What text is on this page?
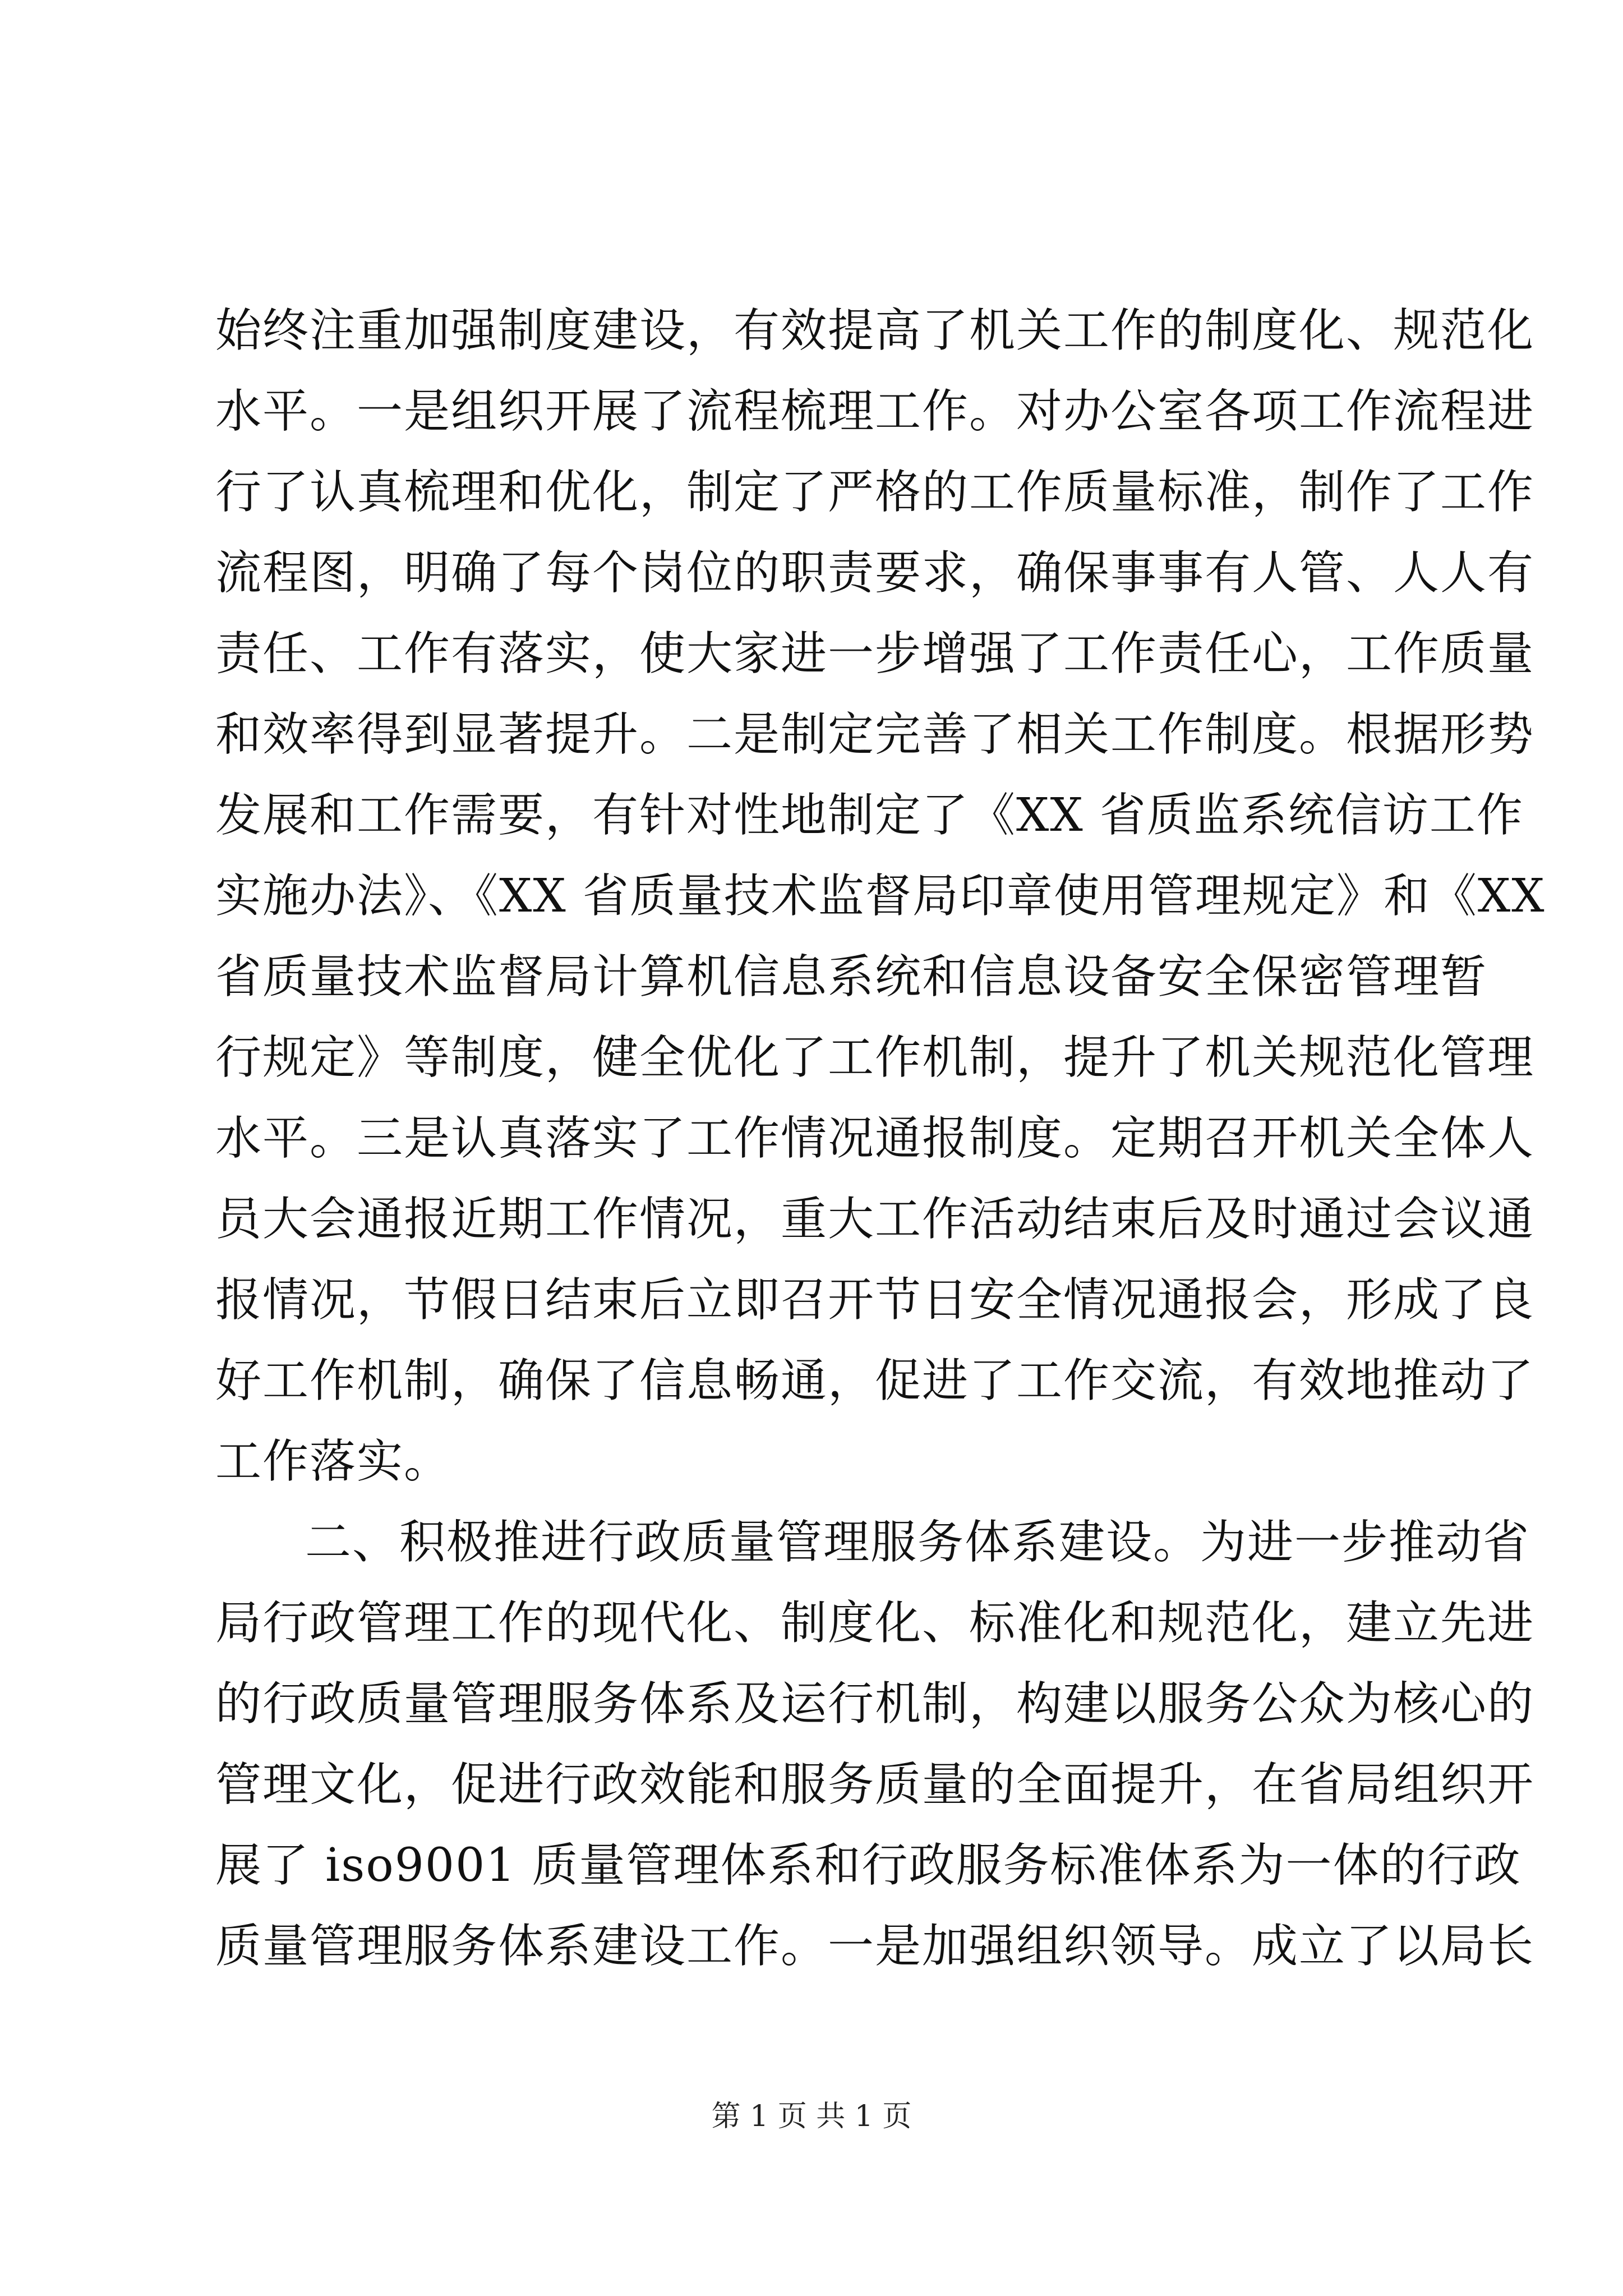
始终注重加强制度建设，有效提高了机关工作的制度化、规范化
水平。一是组织开展了流程梳理工作。对办公室各项工作流程进
行了认真梳理和优化，制定了严格的工作质量标准，制作了工作
流程图，明确了每个岗位的职责要求，确保事事有人管、人人有
责任、工作有落实，使大家进一步增强了工作责任心，工作质量
和效率得到显著提升。二是制定完善了相关工作制度。根据形势
发展和工作需要，有针对性地制定了《XX 省质监系统信访工作
实施办法》、《XX 省质量技术监督局印章使用管理规定》和《XX
省质量技术监督局计算机信息系统和信息设备安全保密管理暂
行规定》等制度，健全优化了工作机制，提升了机关规范化管理
水平。三是认真落实了工作情况通报制度。定期召开机关全体人
员大会通报近期工作情况，重大工作活动结束后及时通过会议通
报情况，节假日结束后立即召开节日安全情况通报会，形成了良
好工作机制，确保了信息畅通，促进了工作交流，有效地推动了
工作落实。
二、积极推进行政质量管理服务体系建设。为进一步推动省
局行政管理工作的现代化、制度化、标准化和规范化，建立先进
的行政质量管理服务体系及运行机制，构建以服务公众为核心的
管理文化，促进行政效能和服务质量的全面提升，在省局组织开
展了 iso9001 质量管理体系和行政服务标准体系为一体的行政
质量管理服务体系建设工作。一是加强组织领导。成立了以局长
第 1 页 共 1 页
